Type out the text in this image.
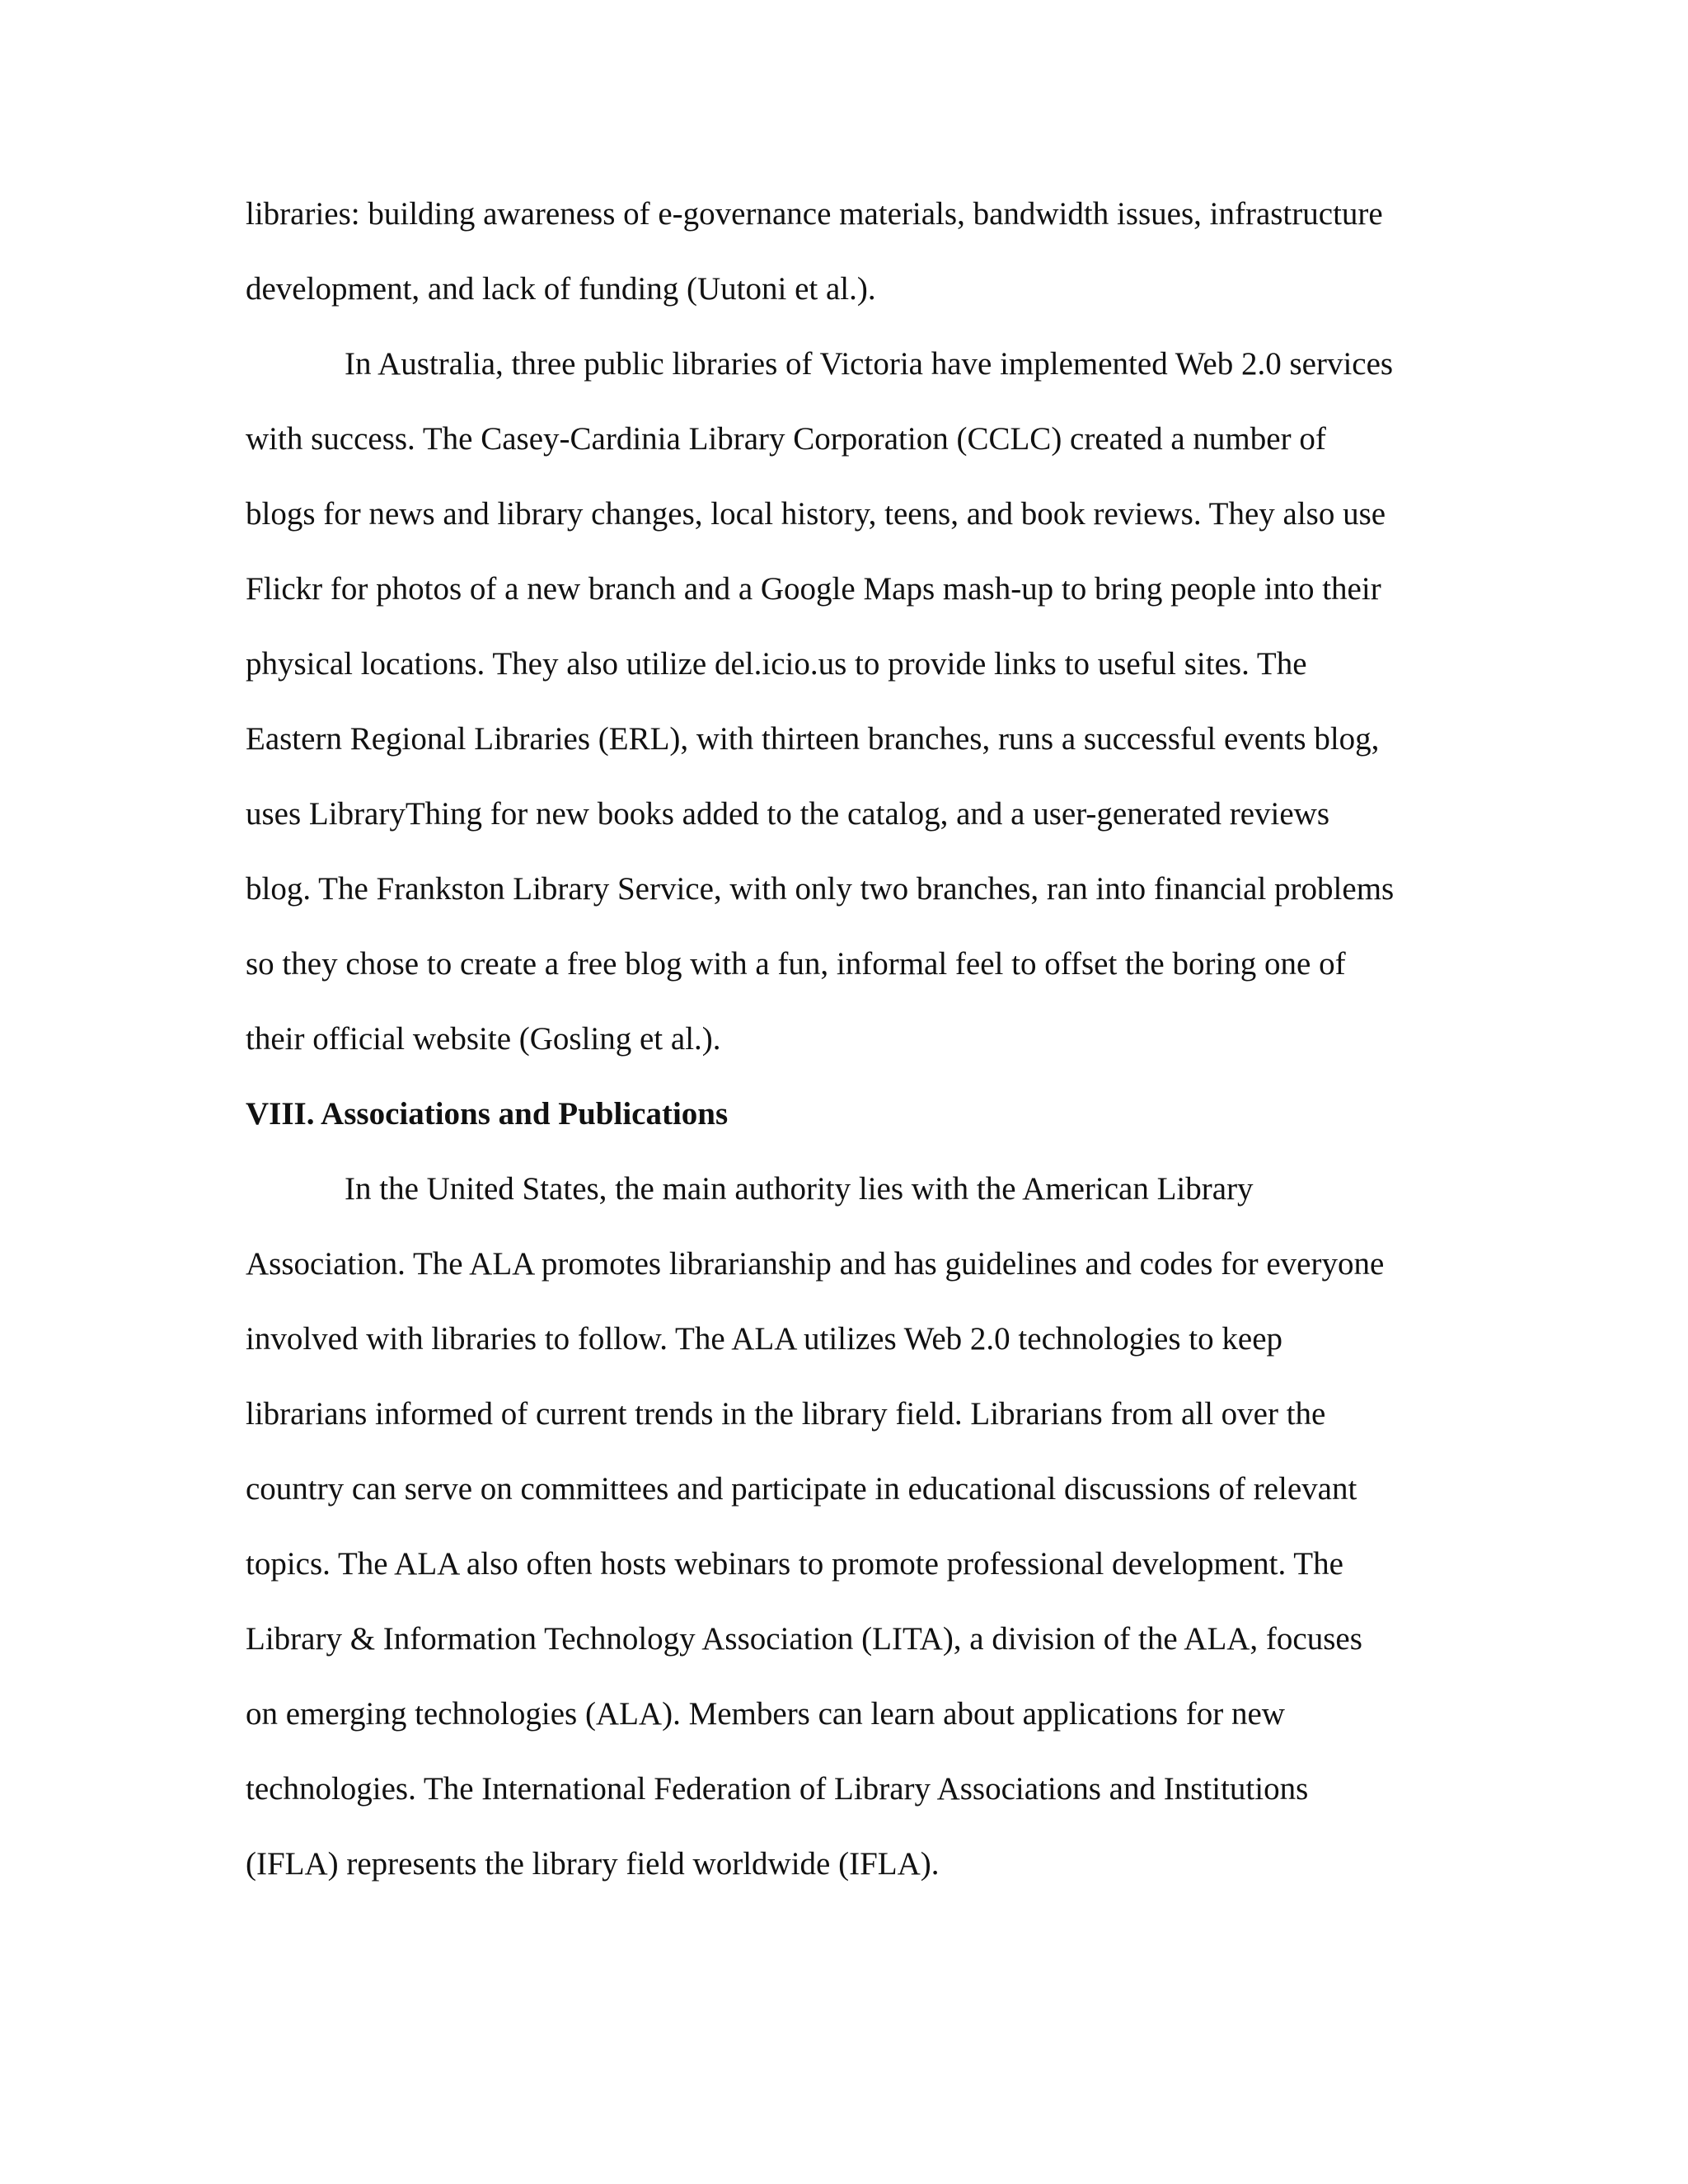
libraries: building awareness of e-governance materials, bandwidth issues, infrastructure
development, and lack of funding (Uutoni et al.).
In Australia, three public libraries of Victoria have implemented Web 2.0 services
with success. The Casey-Cardinia Library Corporation (CCLC) created a number of
blogs for news and library changes, local history, teens, and book reviews. They also use
Flickr for photos of a new branch and a Google Maps mash-up to bring people into their
physical locations. They also utilize del.icio.us to provide links to useful sites. The
Eastern Regional Libraries (ERL), with thirteen branches, runs a successful events blog,
uses LibraryThing for new books added to the catalog, and a user-generated reviews
blog. The Frankston Library Service, with only two branches, ran into financial problems
so they chose to create a free blog with a fun, informal feel to offset the boring one of
their official website (Gosling et al.).
VIII. Associations and Publications
In the United States, the main authority lies with the American Library
Association. The ALA promotes librarianship and has guidelines and codes for everyone
involved with libraries to follow. The ALA utilizes Web 2.0 technologies to keep
librarians informed of current trends in the library field. Librarians from all over the
country can serve on committees and participate in educational discussions of relevant
topics. The ALA also often hosts webinars to promote professional development. The
Library & Information Technology Association (LITA), a division of the ALA, focuses
on emerging technologies (ALA). Members can learn about applications for new
technologies. The International Federation of Library Associations and Institutions
(IFLA) represents the library field worldwide (IFLA).
